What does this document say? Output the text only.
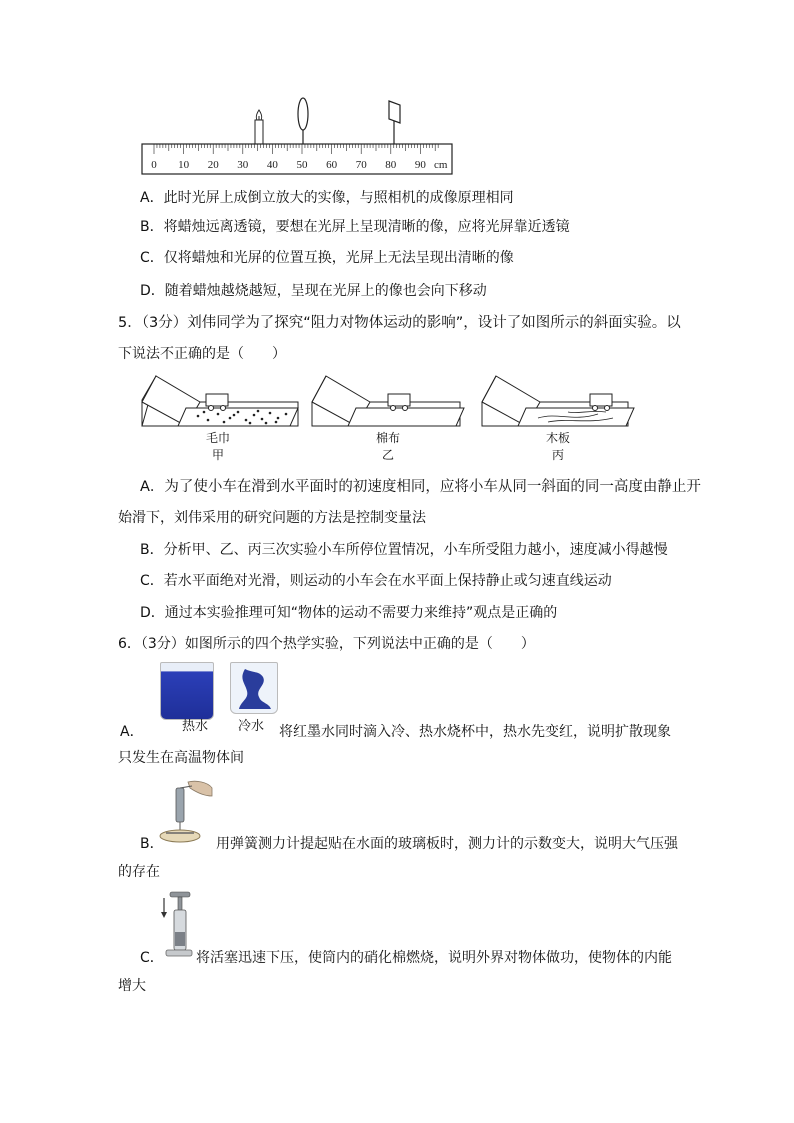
0 10 20 30 40 50 60 70 80 90 cm
A．此时光屏上成倒立放大的实像，与照相机的成像原理相同
B．将蜡烛远离透镜，要想在光屏上呈现清晰的像，应将光屏靠近透镜
C．仅将蜡烛和光屏的位置互换，光屏上无法呈现出清晰的像
D．随着蜡烛越烧越短，呈现在光屏上的像也会向下移动
5．（3分）刘伟同学为了探究“阻力对物体运动的影响”，设计了如图所示的斜面实验。以
下说法不正确的是（　　）
毛巾
甲
棉布
乙
木板
丙
A．为了使小车在滑到水平面时的初速度相同，应将小车从同一斜面的同一高度由静止开
始滑下，刘伟采用的研究问题的方法是控制变量法
B．分析甲、乙、丙三次实验小车所停位置情况，小车所受阻力越小，速度减小得越慢
C．若水平面绝对光滑，则运动的小车会在水平面上保持静止或匀速直线运动
D．通过本实验推理可知“物体的运动不需要力来维持”观点是正确的
6．（3分）如图所示的四个热学实验，下列说法中正确的是（　　）
A．	热水 冷水 将红墨水同时滴入冷、热水烧杯中，热水先变红，说明扩散现象
只发生在高温物体间
B．	用弹簧测力计提起贴在水面的玻璃板时，测力计的示数变大，说明大气压强
的存在
C． 将活塞迅速下压，使筒内的硝化棉燃烧，说明外界对物体做功，使物体的内能
增大
